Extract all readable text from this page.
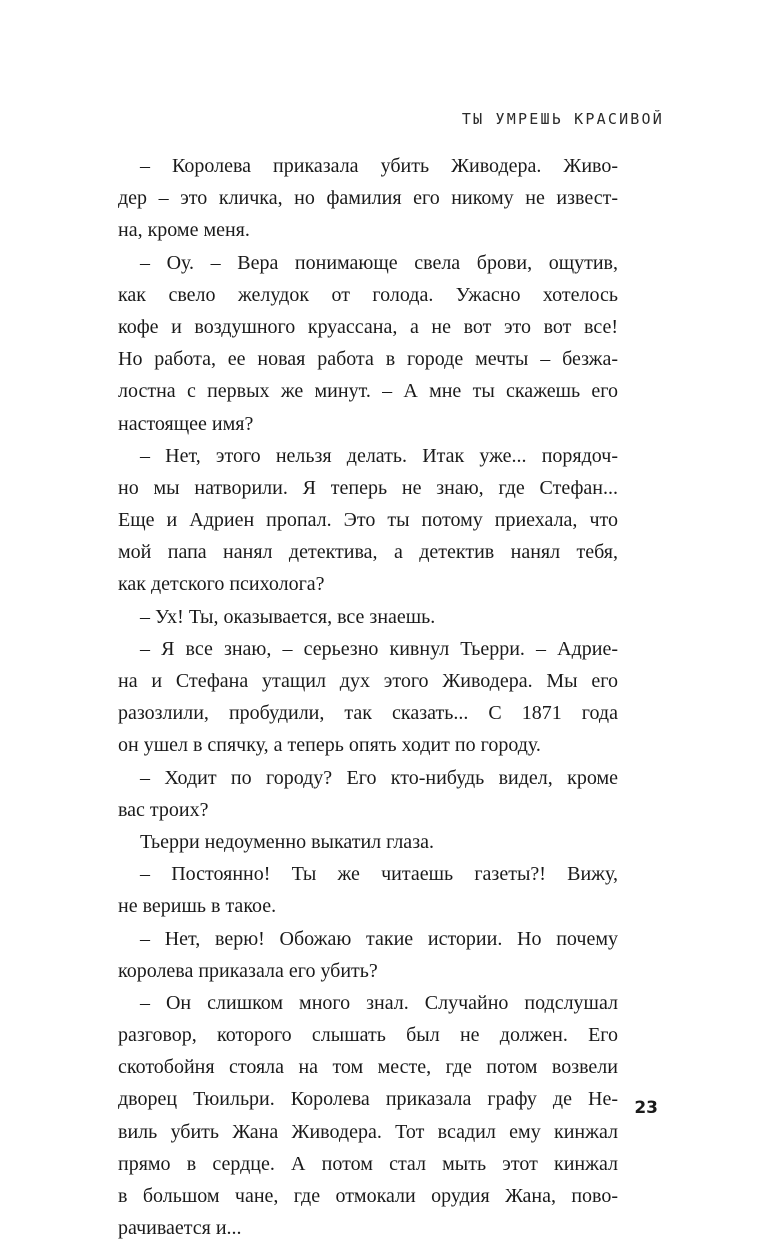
ТЫ УМРЕШЬ КРАСИВОЙ
– Королева приказала убить Живодера. Живо-
дер – это кличка, но фамилия его никому не извест-
на, кроме меня.
– Оу. – Вера понимающе свела брови, ощутив,
как свело желудок от голода. Ужасно хотелось
кофе и воздушного круассана, а не вот это вот все!
Но работа, ее новая работа в городе мечты – безжа-
лостна с первых же минут. – А мне ты скажешь его
настоящее имя?
– Нет, этого нельзя делать. Итак уже... порядоч-
но мы натворили. Я теперь не знаю, где Стефан...
Еще и Адриен пропал. Это ты потому приехала, что
мой папа нанял детектива, а детектив нанял тебя,
как детского психолога?
– Ух! Ты, оказывается, все знаешь.
– Я все знаю, – серьезно кивнул Тьерри. – Адрие-
на и Стефана утащил дух этого Живодера. Мы его
разозлили, пробудили, так сказать... С 1871 года
он ушел в спячку, а теперь опять ходит по городу.
– Ходит по городу? Его кто-нибудь видел, кроме
вас троих?
Тьерри недоуменно выкатил глаза.
– Постоянно! Ты же читаешь газеты?! Вижу,
не веришь в такое.
– Нет, верю! Обожаю такие истории. Но почему
королева приказала его убить?
– Он слишком много знал. Случайно подслушал
разговор, которого слышать был не должен. Его
скотобойня стояла на том месте, где потом возвели
дворец Тюильри. Королева приказала графу де Не-
виль убить Жана Живодера. Тот всадил ему кинжал
прямо в сердце. А потом стал мыть этот кинжал
в большом чане, где отмокали орудия Жана, пово-
рачивается и...
23
